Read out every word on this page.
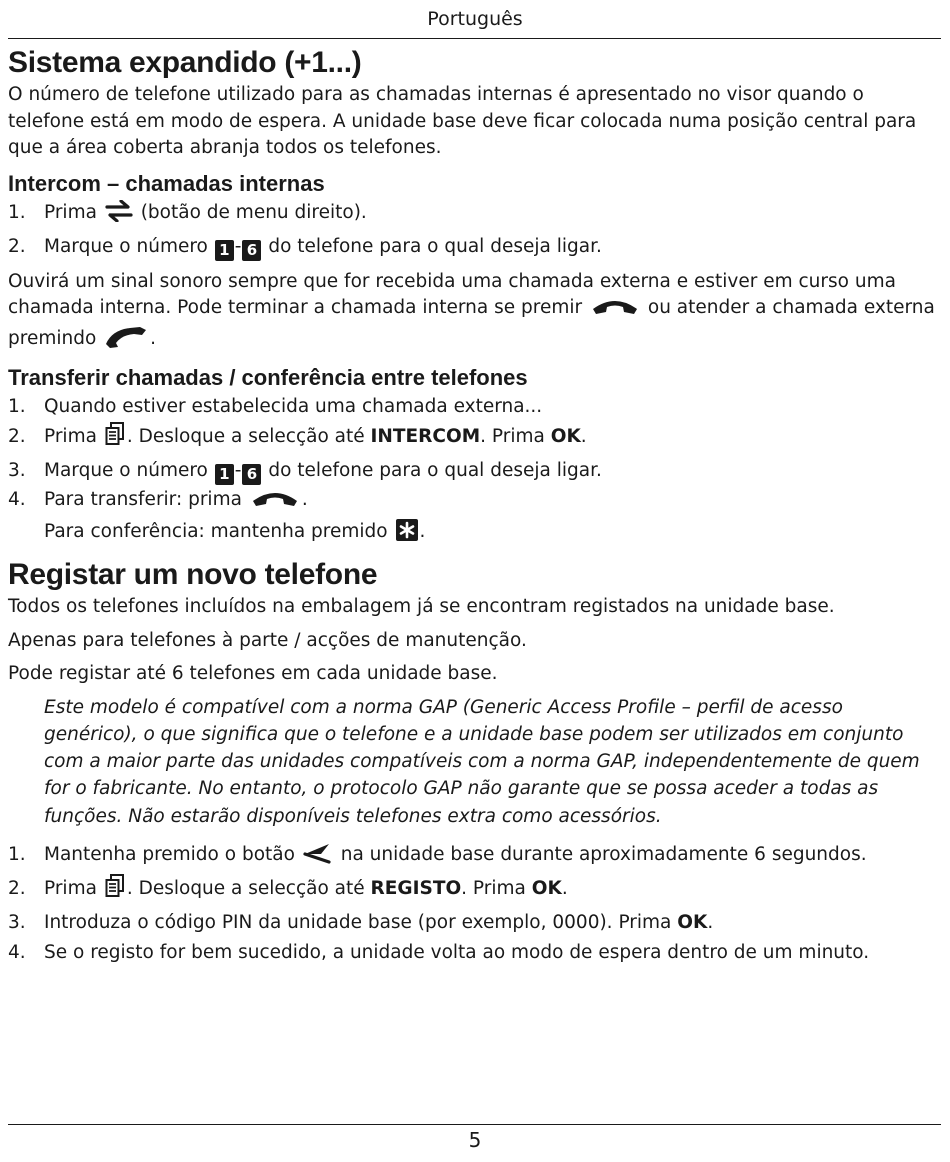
Português
Sistema expandido (+1...)

O número de telefone utilizado para as chamadas internas é apresentado no visor quando o telefone está em modo de espera. A unidade base deve ficar colocada numa posição central para que a área coberta abranja todos os telefones.

Intercom – chamadas internas
1. Prima (botão de menu direito).
2. Marque o número 1 - 6 do telefone para o qual deseja ligar.

Ouvirá um sinal sonoro sempre que for recebida uma chamada externa e estiver em curso uma chamada interna. Pode terminar a chamada interna se premir	ou atender a chamada externa premindo	.

Transferir chamadas / conferência entre telefones
1. Quando estiver estabelecida uma chamada externa...
2. Prima . Desloque a selecção até INTERCOM. Prima OK.
3. Marque o número 1 - 6 do telefone para o qual deseja ligar.
4. Para transferir: prima	.
Para conferência: mantenha premido .
Registar um novo telefone

Todos os telefones incluídos na embalagem já se encontram registados na unidade base.

Apenas para telefones à parte / acções de manutenção.

Pode registar até 6 telefones em cada unidade base.

Este modelo é compatível com a norma GAP (Generic Access Profile – perfil de acesso genérico), o que significa que o telefone e a unidade base podem ser utilizados em conjunto com a maior parte das unidades compatíveis com a norma GAP, independentemente de quem for o fabricante. No entanto, o protocolo GAP não garante que se possa aceder a todas as funções. Não estarão disponíveis telefones extra como acessórios.

1. Mantenha premido o botão na unidade base durante aproximadamente 6 segundos.
2. Prima . Desloque a selecção até REGISTO. Prima OK.
3. Introduza o código PIN da unidade base (por exemplo, 0000). Prima OK.
4. Se o registo for bem sucedido, a unidade volta ao modo de espera dentro de um minuto.
5
